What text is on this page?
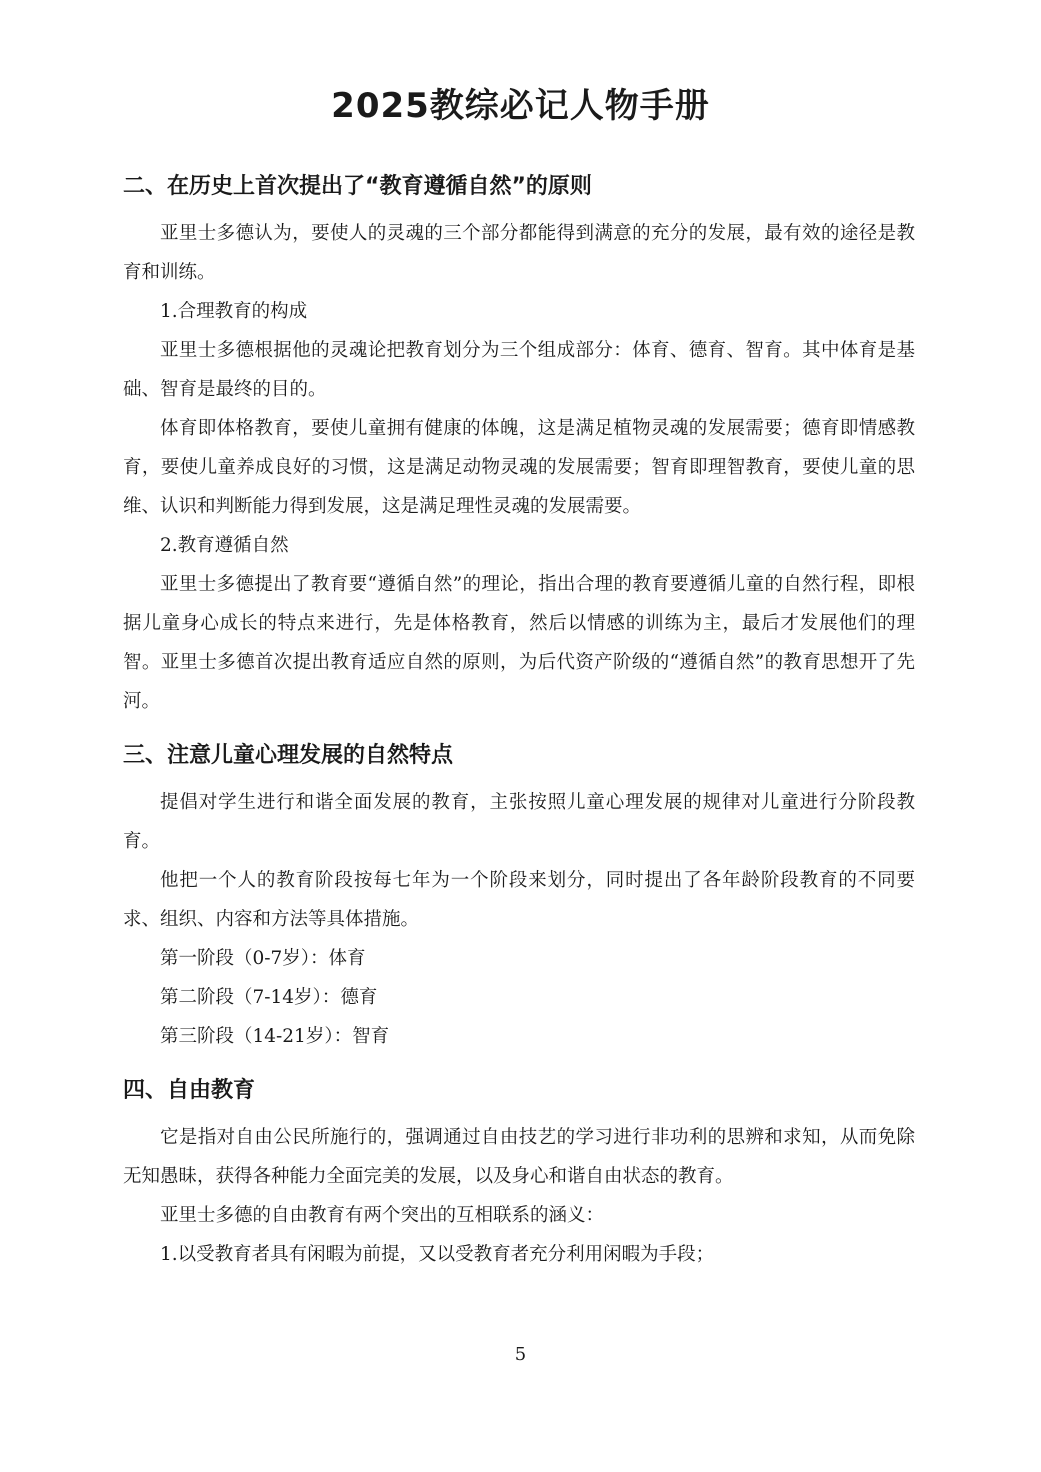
2025教综必记人物手册
二、在历史上首次提出了“教育遵循自然”的原则

亚里士多德认为，要使人的灵魂的三个部分都能得到满意的充分的发展，最有效的途径是教育和训练。

1.合理教育的构成

亚里士多德根据他的灵魂论把教育划分为三个组成部分：体育、德育、智育。其中体育是基础、智育是最终的目的。

体育即体格教育，要使儿童拥有健康的体魄，这是满足植物灵魂的发展需要；德育即情感教育，要使儿童养成良好的习惯，这是满足动物灵魂的发展需要；智育即理智教育，要使儿童的思维、认识和判断能力得到发展，这是满足理性灵魂的发展需要。

2.教育遵循自然

亚里士多德提出了教育要“遵循自然”的理论，指出合理的教育要遵循儿童的自然行程，即根据儿童身心成长的特点来进行，先是体格教育，然后以情感的训练为主，最后才发展他们的理智。亚里士多德首次提出教育适应自然的原则，为后代资产阶级的“遵循自然”的教育思想开了先河。

三、注意儿童心理发展的自然特点

提倡对学生进行和谐全面发展的教育，主张按照儿童心理发展的规律对儿童进行分阶段教育。

他把一个人的教育阶段按每七年为一个阶段来划分，同时提出了各年龄阶段教育的不同要求、组织、内容和方法等具体措施。

第一阶段（0-7岁）：体育

第二阶段（7-14岁）：德育

第三阶段（14-21岁）：智育

四、自由教育

它是指对自由公民所施行的，强调通过自由技艺的学习进行非功利的思辨和求知，从而免除无知愚昧，获得各种能力全面完美的发展，以及身心和谐自由状态的教育。

亚里士多德的自由教育有两个突出的互相联系的涵义：

1.以受教育者具有闲暇为前提，又以受教育者充分利用闲暇为手段；

5
